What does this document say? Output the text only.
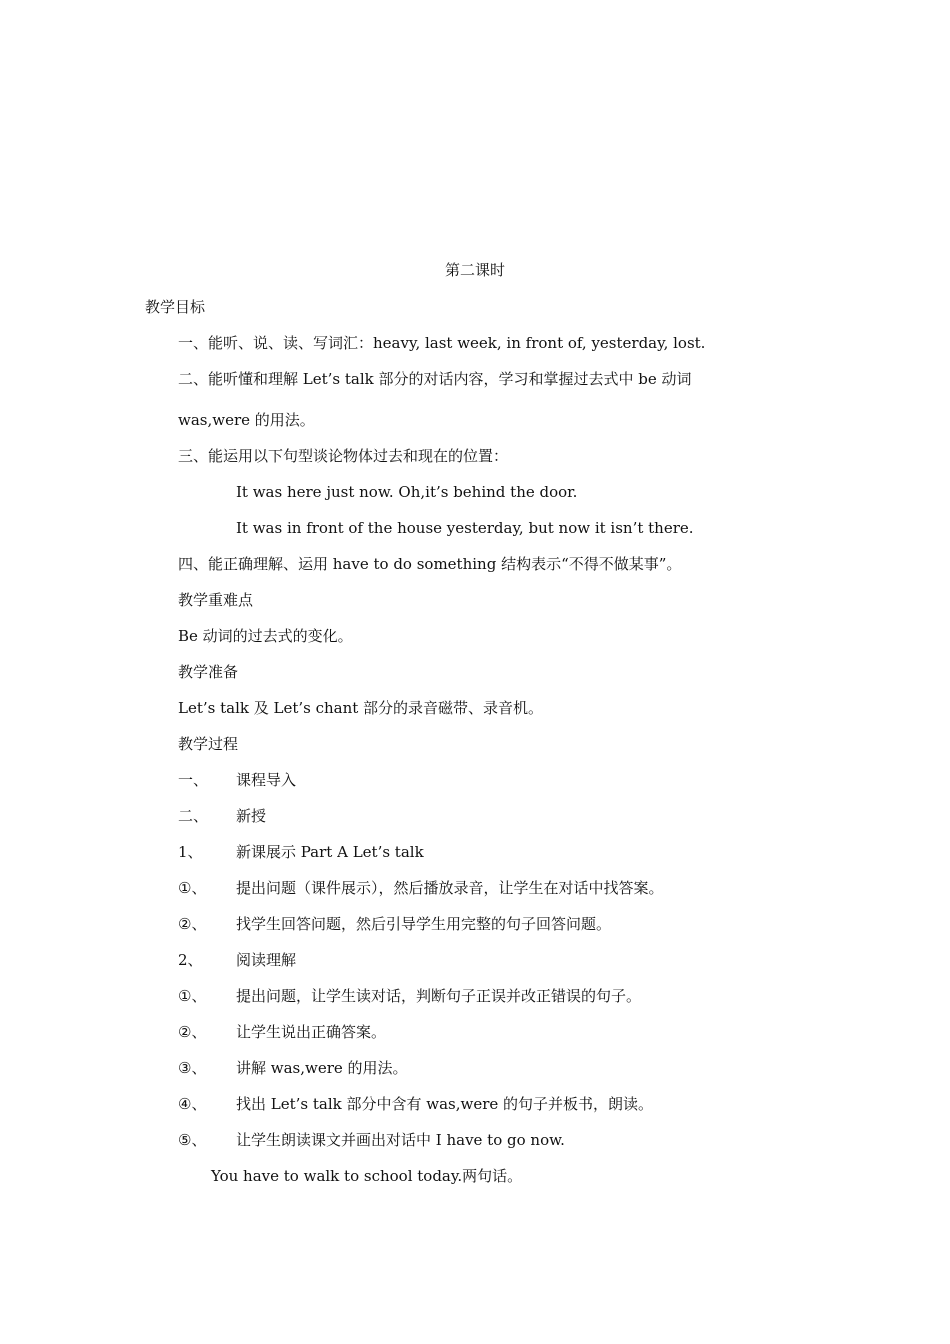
第二课时
教学目标
一、能听、说、读、写词汇：heavy, last week, in front of, yesterday, lost.
二、能听懂和理解 Let’s talk 部分的对话内容，学习和掌握过去式中 be 动词
was,were 的用法。
三、能运用以下句型谈论物体过去和现在的位置：
It was here just now. Oh,it’s behind the door.
It was in front of the house yesterday, but now it isn’t there.
四、能正确理解、运用 have to do something 结构表示“不得不做某事”。
教学重难点
Be 动词的过去式的变化。
教学准备
Let’s talk 及 Let’s chant 部分的录音磁带、录音机。
教学过程
一、 课程导入
二、 新授
1、 新课展示 Part A Let’s talk
①、 提出问题（课件展示），然后播放录音，让学生在对话中找答案。
②、 找学生回答问题，然后引导学生用完整的句子回答问题。
2、 阅读理解
①、 提出问题，让学生读对话，判断句子正误并改正错误的句子。
②、 让学生说出正确答案。
③、 讲解 was,were 的用法。
④、 找出 Let’s talk 部分中含有 was,were 的句子并板书，朗读。
⑤、 让学生朗读课文并画出对话中 I have to go now.
You have to walk to school today.两句话。
